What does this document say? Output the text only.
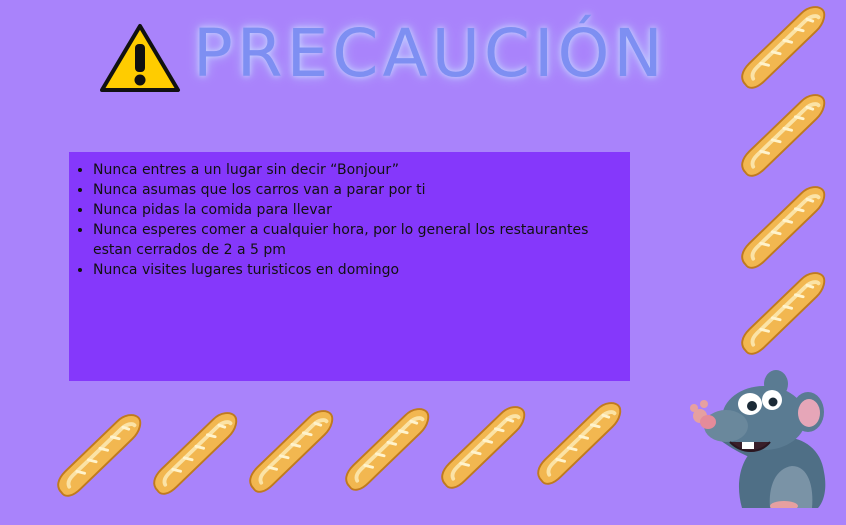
PRECAUCIÓN
• Nunca entres a un lugar sin decir “Bonjour”
• Nunca asumas que los carros van a parar por ti
• Nunca pidas la comida para llevar
• Nunca esperes comer a cualquier hora, por lo general los restaurantes estan cerrados de 2 a 5 pm
• Nunca visites lugares turisticos en domingo
